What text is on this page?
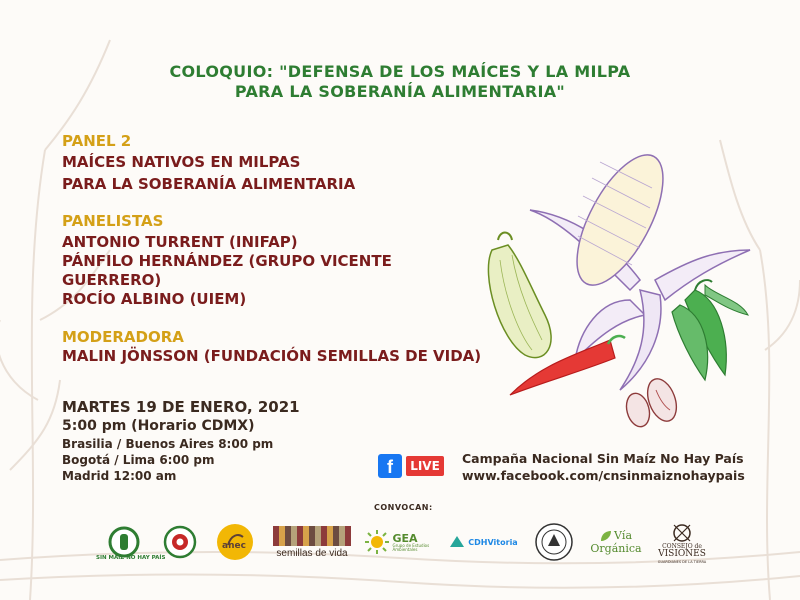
COLOQUIO: "DEFENSA DE LOS MAÍCES Y LA MILPA
PARA LA SOBERANÍA ALIMENTARIA"
PANEL 2
MAÍCES NATIVOS EN MILPAS
PARA LA SOBERANÍA ALIMENTARIA
PANELISTAS
ANTONIO TURRENT (INIFAP)
PÁNFILO HERNÁNDEZ (GRUPO VICENTE
GUERRERO)
ROCÍO ALBINO (UIEM)
MODERADORA
MALIN JÖNSSON (FUNDACIÓN SEMILLAS DE VIDA)
MARTES 19 DE ENERO, 2021
5:00 pm (Horario CDMX)
Brasilia / Buenos Aires 8:00 pm
Bogotá / Lima 6:00 pm
Madrid 12:00 am	f	LIVE	Campaña Nacional Sin Maíz No Hay País
www.facebook.com/cnsinmaiznohaypais
CONVOCAN:
SIN MAÍZ NO HAY PAÍS
anec
semillas de vida
GEA
Grupo de Estudios Ambientales
CDHVitoria	Vía
Orgánica	CONSEJO de
VISIONES
GUARDIANES DE LA TIERRA
